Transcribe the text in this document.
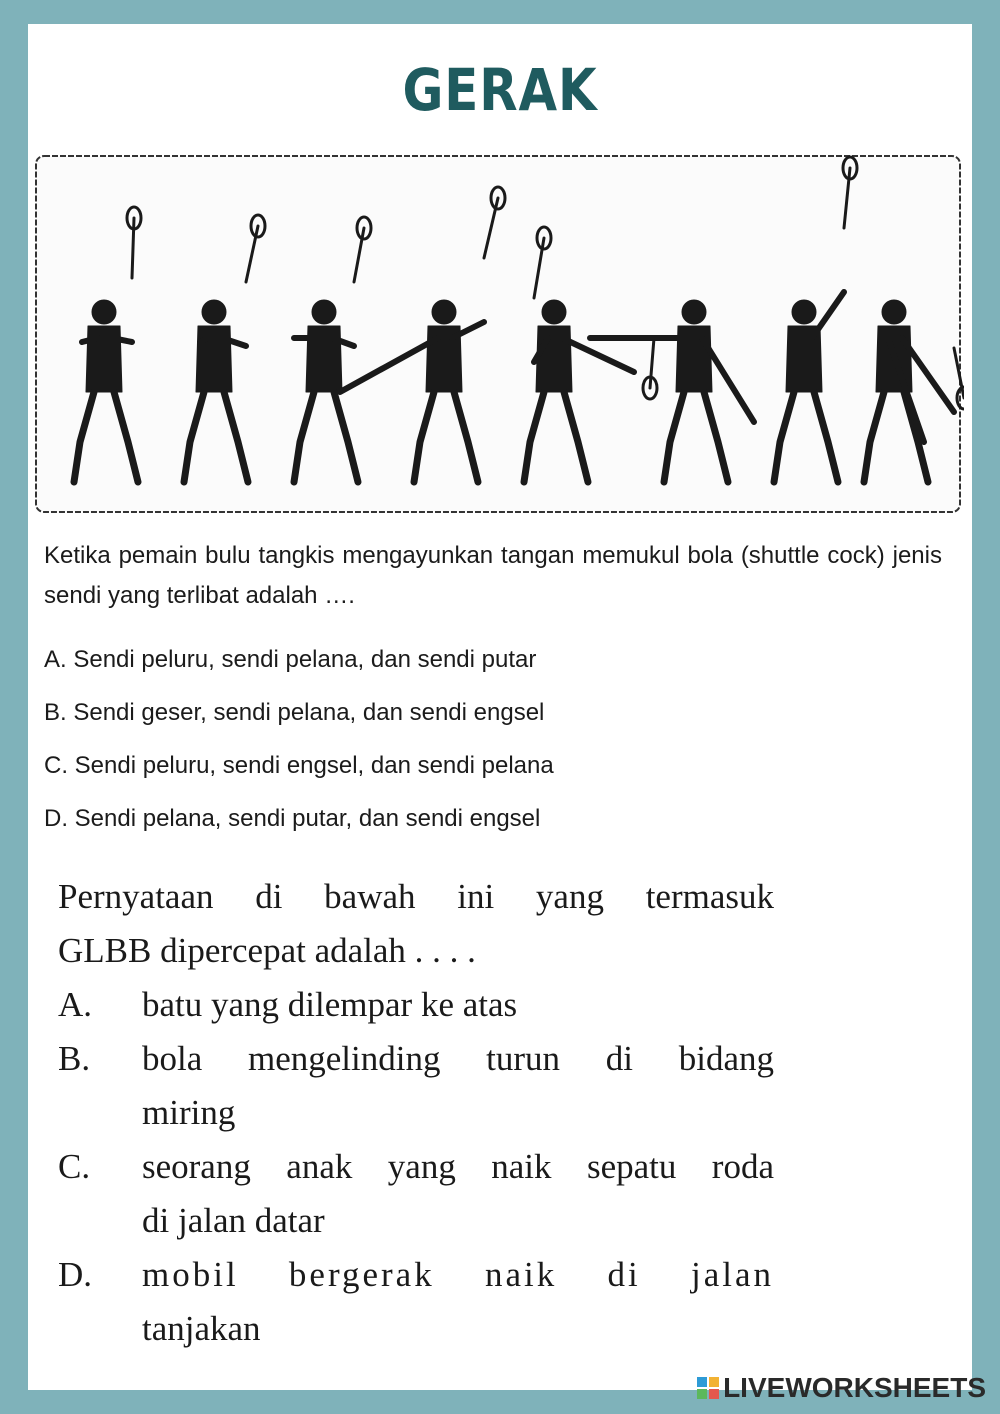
GERAK
Ketika pemain bulu tangkis mengayunkan tangan memukul bola (shuttle cock) jenis sendi yang terlibat adalah ….
A. Sendi peluru, sendi pelana, dan sendi putar
B. Sendi geser, sendi pelana, dan sendi engsel
C. Sendi peluru, sendi engsel, dan sendi pelana
D. Sendi pelana, sendi putar, dan sendi engsel
Pernyataan di bawah ini yang termasuk
GLBB dipercepat adalah . . . .
A.	batu yang dilempar ke atas
B.	bola mengelinding turun di bidang
miring
C.	seorang anak yang naik sepatu roda
di jalan datar
D.	mobil bergerak naik di jalan
tanjakan
LIVEWORKSHEETS
